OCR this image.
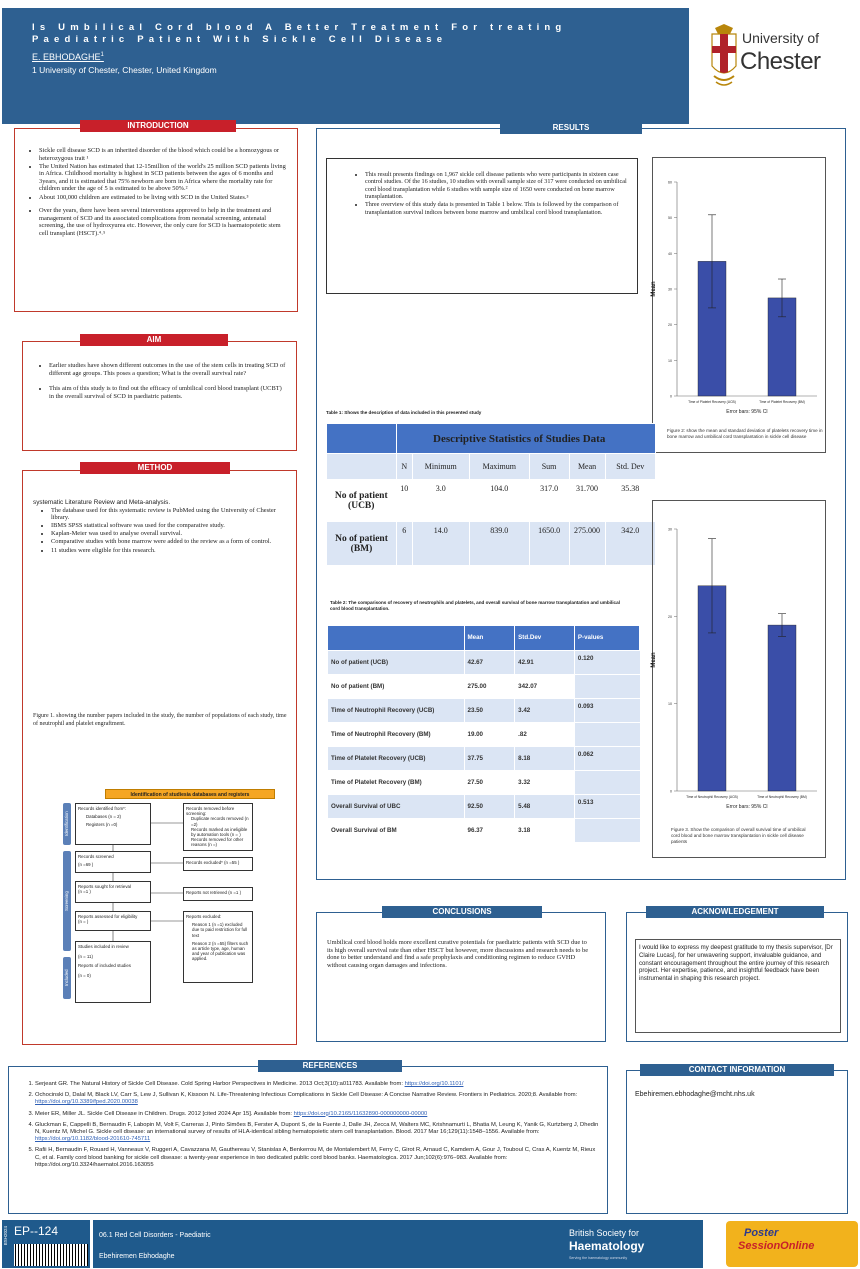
Is Umbilical Cord blood A Better Treatment For treating Paediatric Patient With Sickle Cell Disease
E. EBHODAGHE$^1$
1 University of Chester, Chester, United Kingdom
University of
Chester
• Sickle cell disease SCD is an inherited disorder of the blood which could be a homozygous or heterozygous trait ¹
• The United Nation has estimated that 12-15million of the world's 25 million SCD patients living in Africa. Childhood mortality is highest in SCD patients between the ages of 6 months and 3years, and it is estimated that 75% newborn are born in Africa where the mortality rate for children under the age of 5 is estimated to be above 50%.²
• About 100,000 children are estimated to be living with SCD in the United States.³
• Over the years, there have been several interventions approved to help in the treatment and management of SCD and its associated complications from neonatal screening, antenatal screening, the use of hydroxyurea etc. However, the only cure for SCD is haematopoietic stem cell transplant (HSCT).⁴˒⁵
INTRODUCTION
• Earlier studies have shown different outcomes in the use of the stem cells in treating SCD of different age groups. This poses a question; What is the overall survival rate?
• This aim of this study is to find out the efficacy of umbilical cord blood transplant (UCBT) in the overall survival of SCD in paediatric patients.
AIM
systematic Literature Review and Meta-analysis.
• The database used for this systematic review is PubMed using the University of Chester library.
• IBMS SPSS statistical software was used for the comparative study.
• Kaplan-Meier was used to analyse overall survival.
• Comparative studies with bone marrow were added to the review as a form of control.
• 11 studies were eligible for this research.
Figure 1. showing the number papers included in the study, the number of populations of each study, time of neutrophil and platelet engraftment.
Identification of studiesia databases and registers
Identification
Screening
Included
Records identified from*:
Databases (n = 2)
Registers (n =0)
Records removed before screening:
Duplicate records removed (n =2)
Records marked as ineligible by automation tools (n = )
Records removed for other reasons (n =)
Records screened
(n =69 )	Records excluded* (n =55 )
Reports sought for retrieval
(n =1 )	Reports not retrieved (n =1 )
Reports assessed for eligibility
(n = )
Reports excluded:
Reason 1 (n =1) excluded due to paid restriction for full text
Reason 2 (n =55) filters such as article type, age, human and year of publication was applied.
Studies included in review
(n = 11)
Reports of included studies
(n = 0)
METHOD
RESULTS
• This result presents findings on 1,967 sickle cell disease patients who were participants in sixteen case control studies. Of the 16 studies, 10 studies with overall sample size of 317 were conducted on umbilical cord blood transplantation while 6 studies with sample size of 1650 were conducted on bone marrow transplantation.
• Three overview of this study data is presented in Table 1 below. This is followed by the comparison of transplantation survival indices between bone marrow and umbilical cord blood transplantation.
0
10
20
30
40
50
60
Mean
Time of Platelet Recovery (UCB)	Time of Platelet Recovery (BM)
Error bars: 95% CI
Figure 2: show the mean and standard deviation of platelets recovery time in bone marrow and umbilical cord transplantation in sickle cell disease
Table 1: Shows the description of data included in this presented study
	Descriptive Statistics of Studies Data					
	N	Minimum	Maximum	Sum	Mean	Std. Dev
No of patient (UCB)	10	3.0	104.0	317.0	31.700	35.38
No of patient (BM)	6	14.0	839.0	1650.0	275.000	342.0
Table 2: The comparisons of recovery of neutrophils and platelets, and overall survival of bone marrow transplantation and umbilical cord blood transplantation.
	Mean	Std.Dev	P-values
No of patient (UCB)	42.67	42.91	0.120
No of patient (BM)	275.00	342.07	
Time of Neutrophil Recovery (UCB)	23.50	3.42	0.093
Time of Neutrophil Recovery (BM)	19.00	.82	
Time of Platelet Recovery (UCB)	37.75	8.18	0.062
Time of Platelet Recovery (BM)	27.50	3.32	
Overall Survival of UBC	92.50	5.48	0.513
Overall Survival of BM	96.37	3.18	
0
10
20
30
Mean
Time of Neutrophil Recovery (UCB)	Time of Neutrophil Recovery (BM)
Error bars: 95% CI
Figure 3. Show the comparison of overall survival time of umbilical cord blood and bone marrow transplantation in sickle cell disease patients
Umbilical cord blood holds more excellent curative potentials for paediatric patients with SCD due to its high overall survival rate than other HSCT but however, more discussions and research needs to be done to better understand and find a safe prophylaxis and conditioning regimen to reduce GVHD without causing organ damages and infections.
CONCLUSIONS
I would like to express my deepest gratitude to my thesis supervisor, [Dr Claire Lucas], for her unwavering support, invaluable guidance, and constant encouragement throughout the entire journey of this research project. Her expertise, patience, and insightful feedback have been instrumental in shaping this research project.
ACKNOWLEDGEMENT
1. Serjeant GR. The Natural History of Sickle Cell Disease. Cold Spring Harbor Perspectives in Medicine. 2013 Oct;3(10):a011783. Available from: https://doi.org/10.1101/
2. Ochocinski D, Dalal M, Black LV, Carr S, Lew J, Sullivan K, Kissoon N. Life-Threatening Infectious Complications in Sickle Cell Disease: A Concise Narrative Review. Frontiers in Pediatrics. 2020;8. Available from: https://doi.org/10.3389/fped.2020.00038
3. Meier ER, Miller JL. Sickle Cell Disease in Children. Drugs. 2012 [cited 2024 Apr 15]. Available from: https://doi.org/10.2165/11632890-000000000-00000
4. Gluckman E, Cappelli B, Bernaudin F, Labopin M, Volt F, Carreras J, Pinto Simões B, Ferster A, Dupont S, de la Fuente J, Dalle JH, Zecca M, Walters MC, Krishnamurti L, Bhatia M, Leung K, Yanik G, Kurtzberg J, Dhedin N, Kuentz M, Michel G. Sickle cell disease: an international survey of results of HLA-identical sibling hematopoietic stem cell transplantation. Blood. 2017 Mar 16;129(11):1548–1556. Available from: https://doi.org/10.1182/blood-201610-745711
5. Rafii H, Bernaudin F, Rouard H, Vanneaux V, Ruggeri A, Cavazzana M, Gauthereau V, Stanislas A, Benkerrou M, de Montalembert M, Ferry C, Girot R, Arnaud C, Kamdem A, Gour J, Touboul C, Cras A, Kuentz M, Rieux C, et al. Family cord blood banking for sickle cell disease: a twenty-year experience in two dedicated public cord blood banks. Haematologica. 2017 Jun;102(6):976–983. Available from: https://doi.org/10.3324/haematol.2016.163055
REFERENCES
Ebehiremen.ebhodaghe@mcht.nhs.uk
CONTACT INFORMATION
BSH2024 EP--124	06.1 Red Cell Disorders - Paediatric
Ebehiremen Ebhodaghe
British Society for
Haematology
Serving the haematology community
Poster
SessionOnline
